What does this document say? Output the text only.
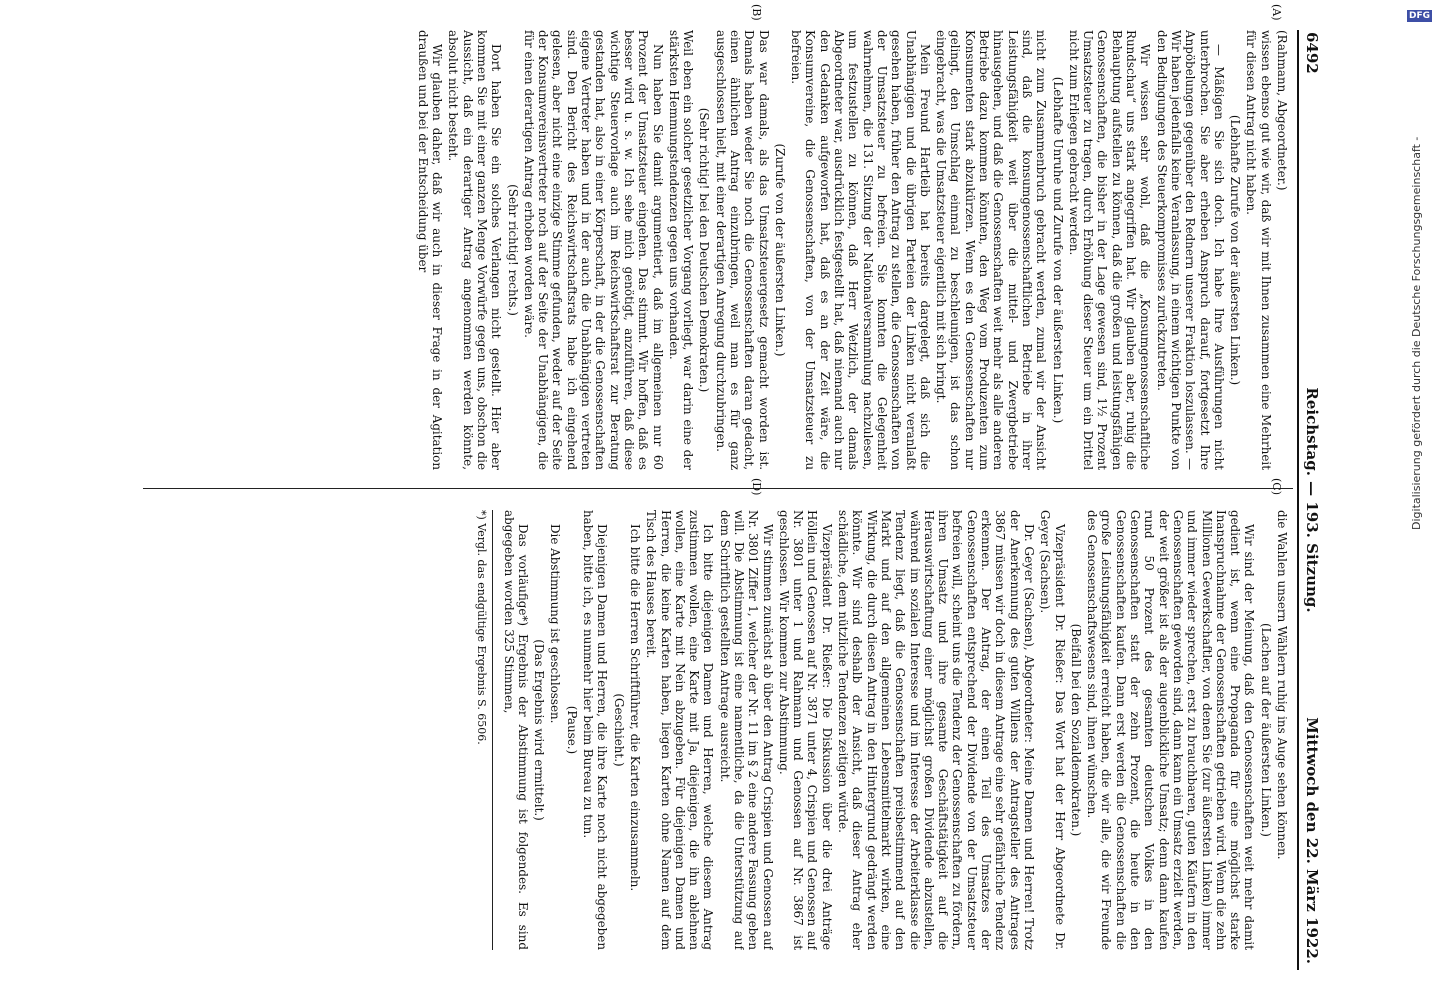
6492
Reichstag. — 193. Sitzung.
Mittwoch den 22. März 1922.
(A)
(B)
(C)
(D)

(Rahmann, Abgeordneter.)

wissen ebenso gut wie wir, daß wir mit Ihnen zusammen eine Mehrheit für diesen Antrag nicht haben.

(Lebhafte Zurufe von der äußersten Linken.)

— Mäßigen Sie sich doch. Ich habe Ihre Ausführungen nicht unterbrochen. Sie aber erheben Anspruch darauf, fortgesetzt Ihre Anpöbelungen gegenüber den Rednern unserer Fraktion loszulassen. — Wir haben jedenfalls keine Veranlassung, in einem wichtigen Punkte von den Bedingungen des Steuerkompromisses zurückzutreten.

Wir wissen sehr wohl, daß die „Konsumgenossenschaftliche Rundschau“ uns stark angegriffen hat. Wir glauben aber, ruhig die Behauptung aufstellen zu können, daß die großen und leistungsfähigen Genossenschaften, die bisher in der Lage gewesen sind, 1½ Prozent Umsatzsteuer zu tragen, durch Erhöhung dieser Steuer um ein Drittel nicht zum Erliegen gebracht werden.

(Lebhafte Unruhe und Zurufe von der äußersten Linken.)

nicht zum Zusammenbruch gebracht werden, zumal wir der Ansicht sind, daß die konsumgenossenschaftlichen Betriebe in ihrer Leistungsfähigkeit weit über die mittel- und Zwergbetriebe hinausgehen, und daß die Genossenschaften weit mehr als alle anderen Betriebe dazu kommen könnten, den Weg vom Produzenten zum Konsumenten stark abzukürzen. Wenn es den Genossenschaften nur gelingt, den Umschlag einmal zu beschleunigen, ist das schon eingebracht, was die Umsatzsteuer eigentlich mit sich bringt.

Mein Freund Hartleib hat bereits dargelegt, daß sich die Unabhängigen und die übrigen Parteien der Linken nicht veranlaßt gesehen haben, früher den Antrag zu stellen, die Genossenschaften von der Umsatzsteuer zu befreien. Sie konnten die Gelegenheit wahrnehmen, die 131. Sitzung der Nationalversammlung nachzulesen, um festzustellen zu können, daß Herr Wetzlich, der damals Abgeordneter war, ausdrücklich festgestellt hat, daß niemand auch nur den Gedanken aufgeworfen hat, daß es an der Zeit wäre, die Konsumvereine, die Genossenschaften, von der Umsatzsteuer zu befreien.

(Zurufe von der äußersten Linken.)

Das war damals, als das Umsatzsteuergesetz gemacht worden ist. Damals haben weder Sie noch die Genossenschaften daran gedacht, einen ähnlichen Antrag einzubringen, weil man es für ganz ausgeschlossen hielt, mit einer derartigen Anregung durchzubringen.

(Sehr richtig! bei den Deutschen Demokraten.)

Weil eben ein solcher gesetzlicher Vorgang vorliegt, war darin eine der stärksten Hemmungstendenzen gegen uns vorhanden.

Nun haben Sie damit argumentiert, daß im allgemeinen nur 60 Prozent der Umsatzsteuer eingehen. Das stimmt. Wir hoffen, daß es besser wird u. s. w. Ich sehe mich genötigt, anzuführen, daß diese wichtige Steuervorlage auch im Reichswirtschaftsrat zur Beratung gestanden hat, also in einer Körperschaft, in der die Genossenschaften eigene Vertreter haben und in der auch die Unabhängigen vertreten sind. Den Bericht des Reichswirtschaftsrats habe ich eingehend gelesen, aber nicht eine einzige Stimme gefunden, weder auf der Seite der Konsumvereinsvertreter noch auf der Seite der Unabhängigen, die für einen derartigen Antrag erhoben worden wäre.

(Sehr richtig! rechts.)

Dort haben Sie ein solches Verlangen nicht gestellt. Hier aber kommen Sie mit einer ganzen Menge Vorwürfe gegen uns, obschon die Aussicht, daß ein derartiger Antrag angenommen werden könnte, absolut nicht besteht.

Wir glauben daher, daß wir auch in dieser Frage in der Agitation draußen und bei der Entscheidung über

die Wahlen unsern Wählern ruhig ins Auge sehen können.

(Lachen auf der äußersten Linken.)

Wir sind der Meinung, daß den Genossenschaften weit mehr damit gedient ist, wenn eine Propaganda für eine möglichst starke Inanspruchnahme der Genossenschaften getrieben wird. Wenn die zehn Millionen Gewerkschaftler, von denen Sie (zur äußersten Linken) immer und immer wieder sprechen, erst zu brauchbaren, guten Käufern in den Genossenschaften geworden sind, dann kann ein Umsatz erzielt werden, der weit größer ist als der augenblickliche Umsatz; denn dann kaufen rund 50 Prozent des gesamten deutschen Volkes in den Genossenschaften statt der zehn Prozent, die heute in den Genossenschaften kaufen. Dann erst werden die Genossenschaften die große Leistungsfähigkeit erreicht haben, die wir alle, die wir Freunde des Genossenschaftswesens sind, ihnen wünschen.

(Beifall bei den Sozialdemokraten.)

Vizepräsident Dr. Rießer: Das Wort hat der Herr Abgeordnete Dr. Geyer (Sachsen).

Dr. Geyer (Sachsen), Abgeordneter: Meine Damen und Herren! Trotz der Anerkennung des guten Willens der Antragsteller des Antrages 3867 müssen wir doch in diesem Antrage eine sehr gefährliche Tendenz erkennen. Der Antrag, der einen Teil des Umsatzes der Genossenschaften entsprechend der Dividende von der Umsatzsteuer befreien will, scheint uns die Tendenz der Genossenschaften zu fördern, ihren Umsatz und ihre gesamte Geschäftstätigkeit auf die Herauswirtschaftung einer möglichst großen Dividende abzustellen, während im sozialen Interesse und im Interesse der Arbeiterklasse die Tendenz liegt, daß die Genossenschaften preisbestimmend auf den Markt und auf den allgemeinen Lebensmittelmarkt wirken, eine Wirkung, die durch diesen Antrag in den Hintergrund gedrängt werden könnte. Wir sind deshalb der Ansicht, daß dieser Antrag eher schädliche, dem nützliche Tendenzen zeitigen würde.

Vizepräsident Dr. Rießer: Die Diskussion über die drei Anträge Höllein und Genossen auf Nr. 3871 unter 4, Crispien und Genossen auf Nr. 3801 unter 1 und Rahmann und Genossen auf Nr. 3867 ist geschlossen. Wir kommen zur Abstimmung.

Wir stimmen zunächst ab über den Antrag Crispien und Genossen auf Nr. 3801 Ziffer 1, welcher der Nr. 11 im § 2 eine andere Fassung geben will. Die Abstimmung ist eine namentliche, da die Unterstützung auf dem Schriftlich gestellten Antrage ausreicht.

Ich bitte diejenigen Damen und Herren, welche diesem Antrag zustimmen wollen, eine Karte mit Ja, diejenigen, die ihn ablehnen wollen, eine Karte mit Nein abzugeben. Für diejenigen Damen und Herren, die keine Karten haben, liegen Karten ohne Namen auf dem Tisch des Hauses bereit.

Ich bitte die Herren Schriftführer, die Karten einzusammeln.

(Geschieht.)

Diejenigen Damen und Herren, die ihre Karte noch nicht abgegeben haben, bitte ich, es nunmehr hier beim Bureau zu tun.

(Pause.)

Die Abstimmung ist geschlossen.

(Das Ergebnis wird ermittelt.)

Das vorläufige*) Ergebnis der Abstimmung ist folgendes. Es sind abgegeben worden 325 Stimmen,

*) Vergl. das endgültige Ergebnis S. 6506.
Digitalisierung gefördert durch die Deutsche Forschungsgemeinschaft -
DFG
